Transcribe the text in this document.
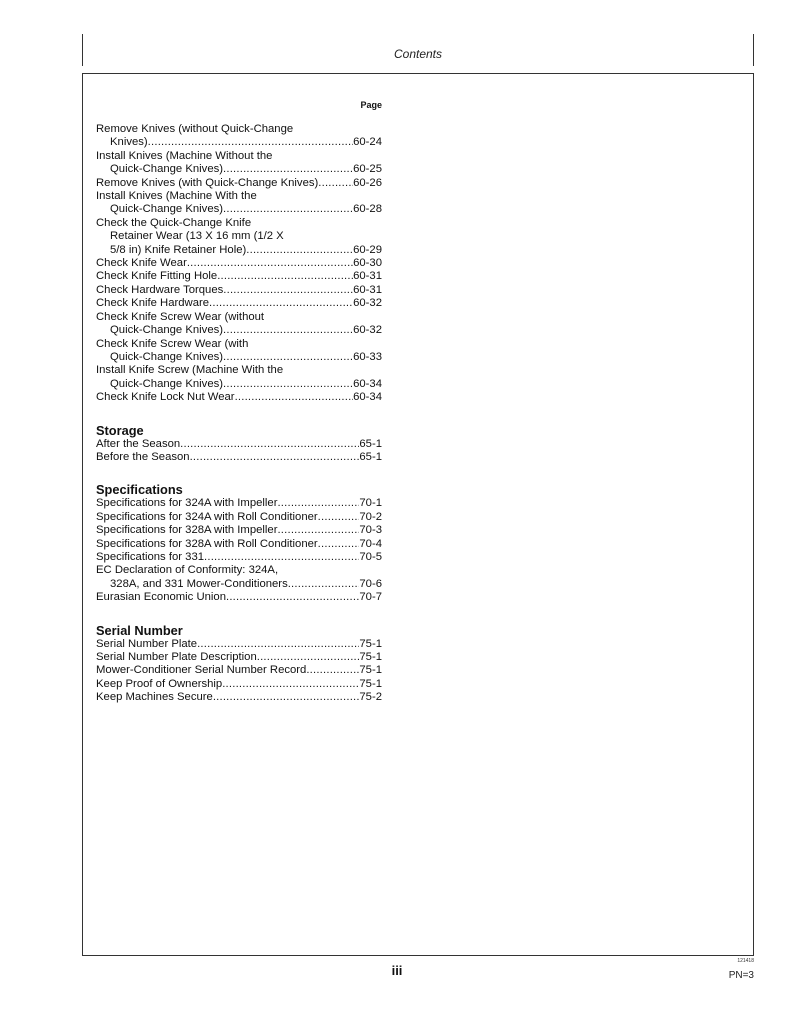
Contents
Page
Remove Knives (without Quick-Change
Knives) .....	60-24
Install Knives (Machine Without the
Quick-Change Knives) .....	60-25
Remove Knives (with Quick-Change Knives) .....	60-26
Install Knives (Machine With the
Quick-Change Knives) .....	60-28
Check the Quick-Change Knife
Retainer Wear (13 X 16 mm (1/2 X
5/8 in) Knife Retainer Hole) .....	60-29
Check Knife Wear .....	60-30
Check Knife Fitting Hole .....	60-31
Check Hardware Torques .....	60-31
Check Knife Hardware .....	60-32
Check Knife Screw Wear (without
Quick-Change Knives) .....	60-32
Check Knife Screw Wear (with
Quick-Change Knives) .....	60-33
Install Knife Screw (Machine With the
Quick-Change Knives) .....	60-34
Check Knife Lock Nut Wear .....	60-34
Storage
After the Season .....	65-1
Before the Season .....	65-1
Specifications
Specifications for 324A with Impeller .....	70-1
Specifications for 324A with Roll Conditioner .....	70-2
Specifications for 328A with Impeller .....	70-3
Specifications for 328A with Roll Conditioner .....	70-4
Specifications for 331 .....	70-5
EC Declaration of Conformity: 324A,
328A, and 331 Mower-Conditioners .....	70-6
Eurasian Economic Union .....	70-7
Serial Number
Serial Number Plate .....	75-1
Serial Number Plate Description .....	75-1
Mower-Conditioner Serial Number Record .....	75-1
Keep Proof of Ownership .....	75-1
Keep Machines Secure .....	75-2
iii
121418
PN=3
